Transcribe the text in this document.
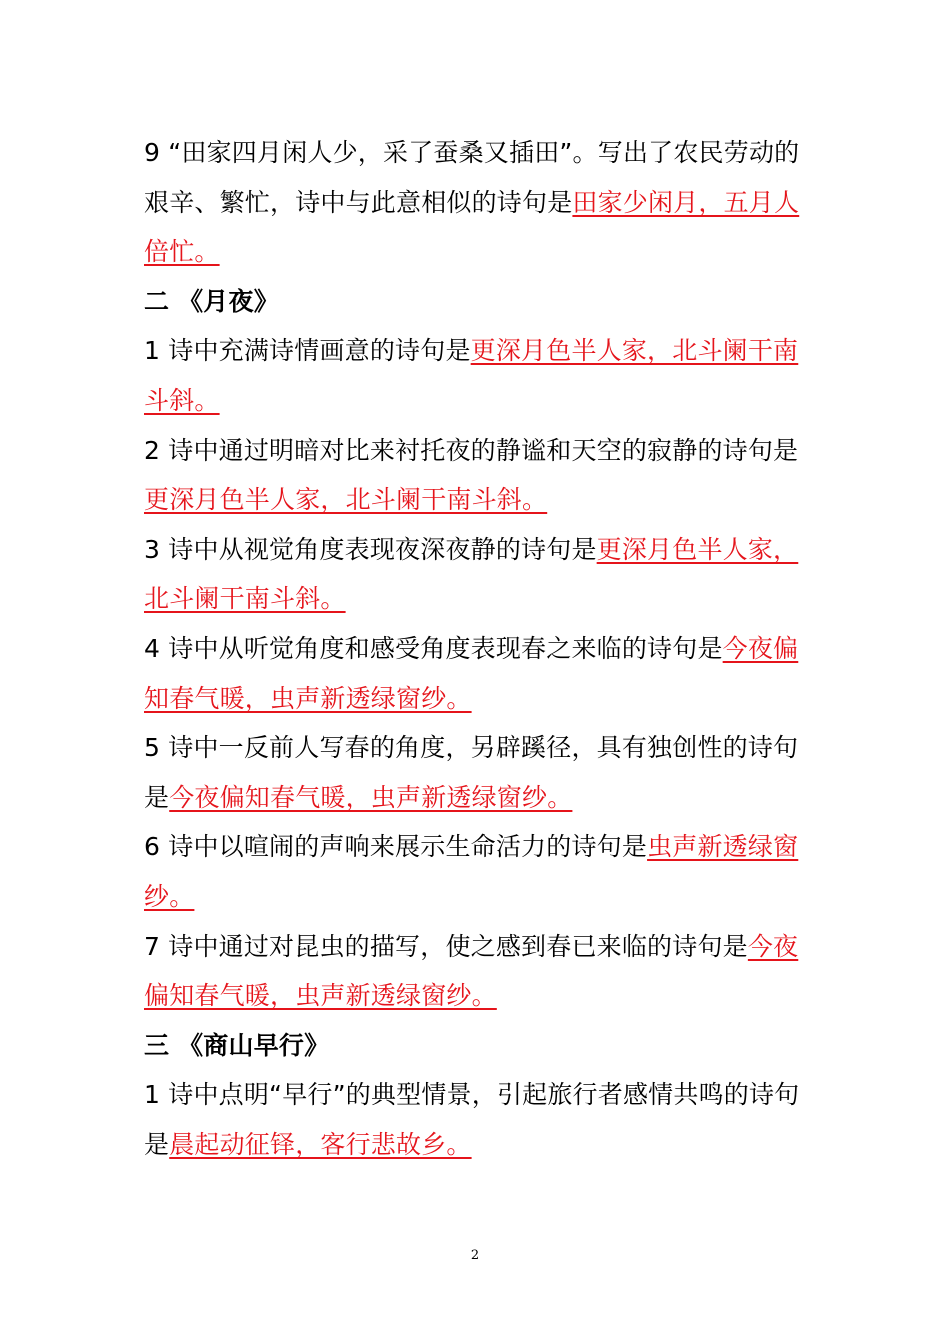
9 “田家四月闲人少，采了蚕桑又插田”。写出了农民劳动的艰辛、繁忙，诗中与此意相似的诗句是田家少闲月，五月人倍忙。

二 《月夜》

1 诗中充满诗情画意的诗句是更深月色半人家，北斗阑干南斗斜。

2 诗中通过明暗对比来衬托夜的静谧和天空的寂静的诗句是更深月色半人家，北斗阑干南斗斜。

3 诗中从视觉角度表现夜深夜静的诗句是更深月色半人家，北斗阑干南斗斜。

4 诗中从听觉角度和感受角度表现春之来临的诗句是今夜偏知春气暖，虫声新透绿窗纱。

5 诗中一反前人写春的角度，另辟蹊径，具有独创性的诗句是今夜偏知春气暖，虫声新透绿窗纱。

6 诗中以喧闹的声响来展示生命活力的诗句是虫声新透绿窗纱。

7 诗中通过对昆虫的描写，使之感到春已来临的诗句是今夜偏知春气暖，虫声新透绿窗纱。

三 《商山早行》

1 诗中点明“早行”的典型情景，引起旅行者感情共鸣的诗句是晨起动征铎，客行悲故乡。

2
